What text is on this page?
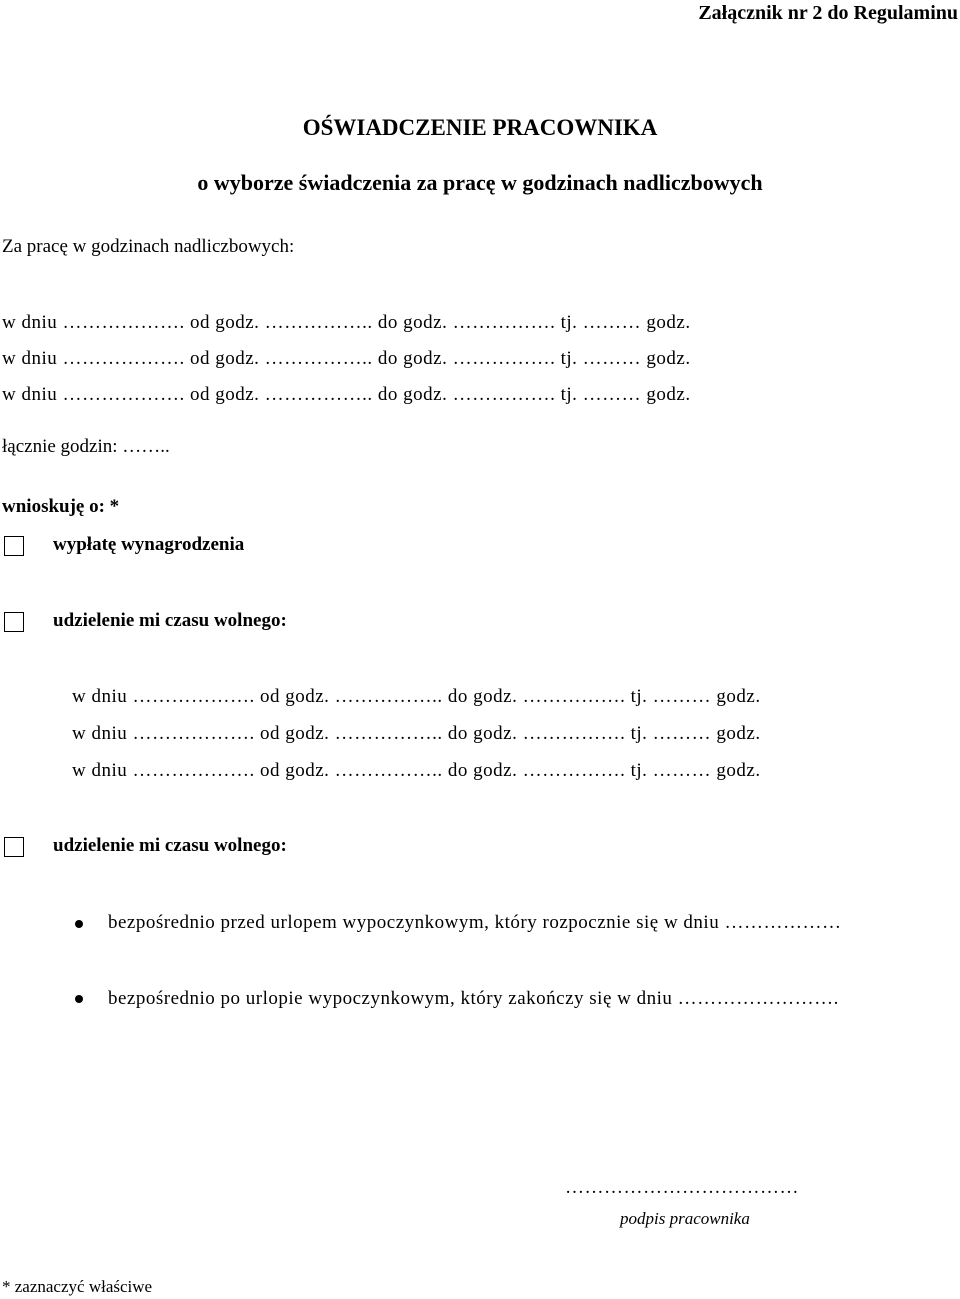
Załącznik nr 2 do Regulaminu
OŚWIADCZENIE PRACOWNIKA
o wyborze świadczenia za pracę w godzinach nadliczbowych
Za pracę w godzinach nadliczbowych:
w dniu ………………. od godz. …………….. do godz. ……………. tj. ……… godz.
w dniu ………………. od godz. …………….. do godz. ……………. tj. ……… godz.
w dniu ………………. od godz. …………….. do godz. ……………. tj. ……… godz.
łącznie godzin: ……..
wnioskuję o: *
wypłatę wynagrodzenia
udzielenie mi czasu wolnego:
w dniu ………………. od godz. …………….. do godz. ……………. tj. ……… godz.
w dniu ………………. od godz. …………….. do godz. ……………. tj. ……… godz.
w dniu ………………. od godz. …………….. do godz. ……………. tj. ……… godz.
udzielenie mi czasu wolnego:
bezpośrednio przed urlopem wypoczynkowym, który rozpocznie się w dniu ………………
bezpośrednio po urlopie wypoczynkowym, który zakończy się w dniu …………………….
………………………………
podpis pracownika
* zaznaczyć właściwe
